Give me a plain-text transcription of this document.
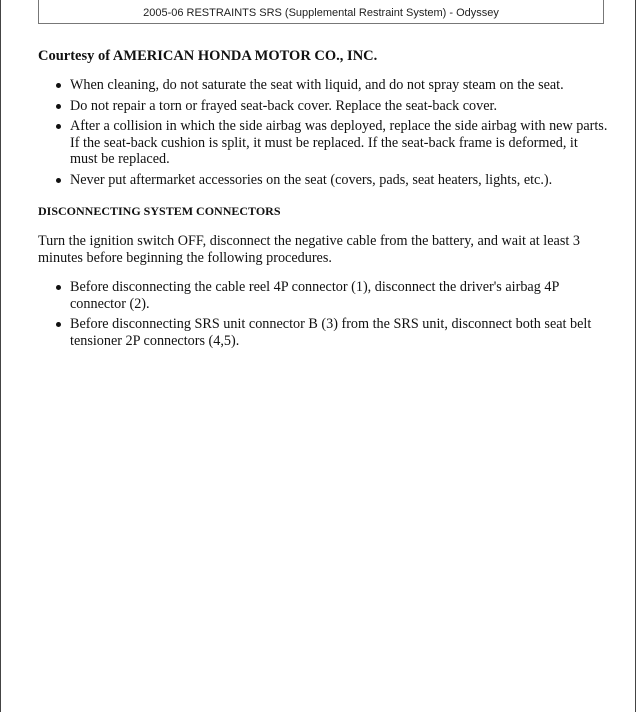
2005-06 RESTRAINTS SRS (Supplemental Restraint System) - Odyssey
Courtesy of AMERICAN HONDA MOTOR CO., INC.
When cleaning, do not saturate the seat with liquid, and do not spray steam on the seat.
Do not repair a torn or frayed seat-back cover. Replace the seat-back cover.
After a collision in which the side airbag was deployed, replace the side airbag with new parts. If the seat-back cushion is split, it must be replaced. If the seat-back frame is deformed, it must be replaced.
Never put aftermarket accessories on the seat (covers, pads, seat heaters, lights, etc.).
DISCONNECTING SYSTEM CONNECTORS

Turn the ignition switch OFF, disconnect the negative cable from the battery, and wait at least 3 minutes before beginning the following procedures.

Before disconnecting the cable reel 4P connector (1), disconnect the driver's airbag 4P connector (2).
Before disconnecting SRS unit connector B (3) from the SRS unit, disconnect both seat belt tensioner 2P connectors (4,5).
